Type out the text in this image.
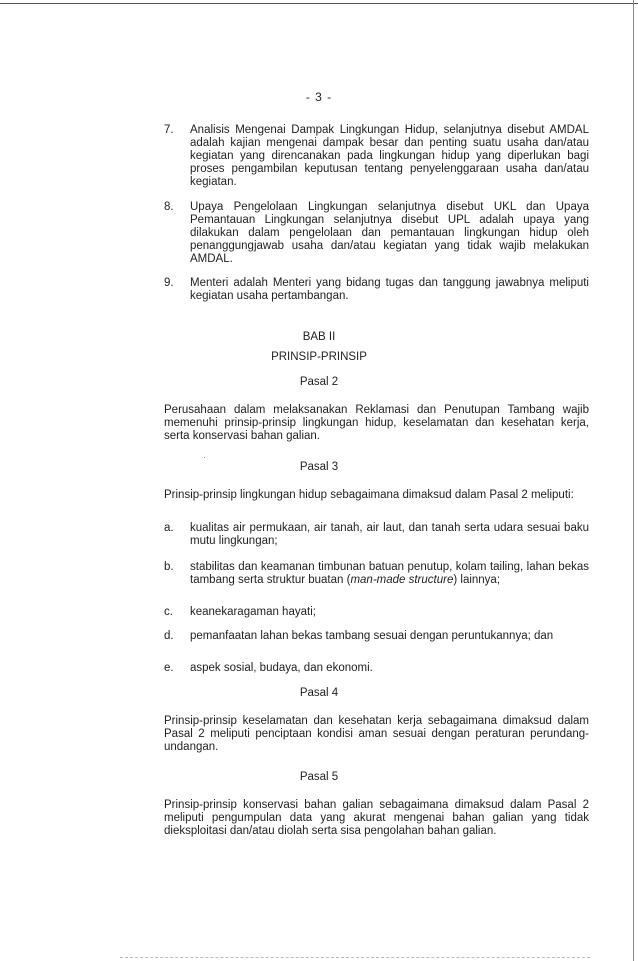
- 3 -
7.	Analisis Mengenai Dampak Lingkungan Hidup, selanjutnya disebut AMDAL adalah kajian mengenai dampak besar dan penting suatu usaha dan/atau kegiatan yang direncanakan pada lingkungan hidup yang diperlukan bagi proses pengambilan keputusan tentang penyelenggaraan usaha dan/atau kegiatan.
8.	Upaya Pengelolaan Lingkungan selanjutnya disebut UKL dan Upaya Pemantauan Lingkungan selanjutnya disebut UPL adalah upaya yang dilakukan dalam pengelolaan dan pemantauan lingkungan hidup oleh penanggungjawab usaha dan/atau kegiatan yang tidak wajib melakukan AMDAL.
9.	Menteri adalah Menteri yang bidang tugas dan tanggung jawabnya meliputi kegiatan usaha pertambangan.
BAB II
PRINSIP-PRINSIP
Pasal 2
Perusahaan dalam melaksanakan Reklamasi dan Penutupan Tambang wajib memenuhi prinsip-prinsip lingkungan hidup, keselamatan dan kesehatan kerja, serta konservasi bahan galian.
Pasal 3
Prinsip-prinsip lingkungan hidup sebagaimana dimaksud dalam Pasal 2 meliputi:
a.	kualitas air permukaan, air tanah, air laut, dan tanah serta udara sesuai baku mutu lingkungan;
b.	stabilitas dan keamanan timbunan batuan penutup, kolam tailing, lahan bekas tambang serta struktur buatan (man-made structure) lainnya;
c.	keanekaragaman hayati;
d.	pemanfaatan lahan bekas tambang sesuai dengan peruntukannya; dan
e.	aspek sosial, budaya, dan ekonomi.
Pasal 4
Prinsip-prinsip keselamatan dan kesehatan kerja sebagaimana dimaksud dalam Pasal 2 meliputi penciptaan kondisi aman sesuai dengan peraturan perundang-undangan.
Pasal 5
Prinsip-prinsip konservasi bahan galian sebagaimana dimaksud dalam Pasal 2 meliputi pengumpulan data yang akurat mengenai bahan galian yang tidak dieksploitasi dan/atau diolah serta sisa pengolahan bahan galian.
·
